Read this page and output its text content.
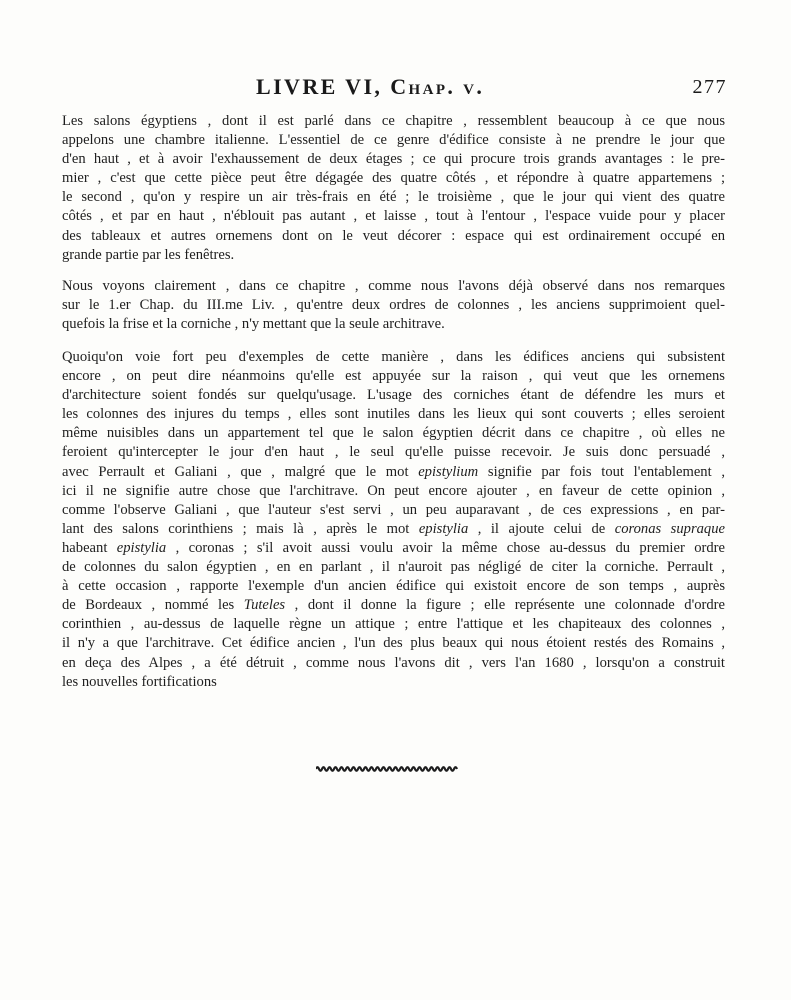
LIVRE VI, Chap. v.	277
Les salons égyptiens , dont il est parlé dans ce chapitre , ressemblent beaucoup à ce que nous
appelons une chambre italienne. L'essentiel de ce genre d'édifice consiste à ne prendre le jour que
d'en haut , et à avoir l'exhaussement de deux étages ; ce qui procure trois grands avantages : le pre-
mier , c'est que cette pièce peut être dégagée des quatre côtés , et répondre à quatre appartemens ;
le second , qu'on y respire un air très-frais en été ; le troisième , que le jour qui vient des quatre
côtés , et par en haut , n'éblouit pas autant , et laisse , tout à l'entour , l'espace vuide pour y placer
des tableaux et autres ornemens dont on le veut décorer : espace qui est ordinairement occupé en
grande partie par les fenêtres.
Nous voyons clairement , dans ce chapitre , comme nous l'avons déjà observé dans nos remarques
sur le 1.er Chap. du III.me Liv. , qu'entre deux ordres de colonnes , les anciens supprimoient quel-
quefois la frise et la corniche , n'y mettant que la seule architrave.
Quoiqu'on voie fort peu d'exemples de cette manière , dans les édifices anciens qui subsistent
encore , on peut dire néanmoins qu'elle est appuyée sur la raison , qui veut que les ornemens
d'architecture soient fondés sur quelqu'usage. L'usage des corniches étant de défendre les murs et
les colonnes des injures du temps , elles sont inutiles dans les lieux qui sont couverts ; elles seroient
même nuisibles dans un appartement tel que le salon égyptien décrit dans ce chapitre , où elles ne
feroient qu'intercepter le jour d'en haut , le seul qu'elle puisse recevoir. Je suis donc persuadé ,
avec Perrault et Galiani , que , malgré que le mot epistylium signifie par fois tout l'entablement ,
ici il ne signifie autre chose que l'architrave. On peut encore ajouter , en faveur de cette opinion ,
comme l'observe Galiani , que l'auteur s'est servi , un peu auparavant , de ces expressions , en par-
lant des salons corinthiens ; mais là , après le mot epistylia , il ajoute celui de coronas supraque
habeant epistylia , coronas ; s'il avoit aussi voulu avoir la même chose au-dessus du premier ordre
de colonnes du salon égyptien , en en parlant , il n'auroit pas négligé de citer la corniche. Perrault ,
à cette occasion , rapporte l'exemple d'un ancien édifice qui existoit encore de son temps , auprès
de Bordeaux , nommé les Tuteles , dont il donne la figure ; elle représente une colonnade d'ordre
corinthien , au-dessus de laquelle règne un attique ; entre l'attique et les chapiteaux des colonnes ,
il n'y a que l'architrave. Cet édifice ancien , l'un des plus beaux qui nous étoient restés des Romains ,
en deça des Alpes , a été détruit , comme nous l'avons dit , vers l'an 1680 , lorsqu'on a construit
les nouvelles fortifications
